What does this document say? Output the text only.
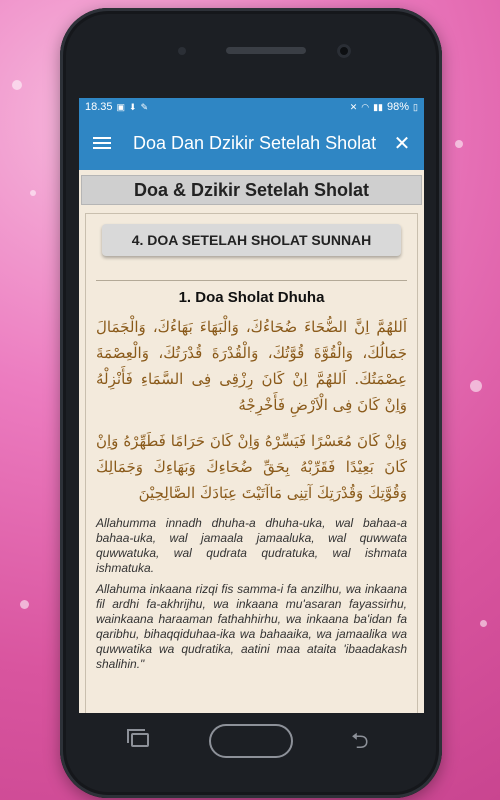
18.35 ▣ ⬇ ✎	✕ ◠ ▮▮ 98% ▯
Doa Dan Dzikir Setelah Sholat ✕
Doa & Dzikir Setelah Sholat
4. DOA SETELAH SHOLAT SUNNAH
1. Doa Sholat Dhuha

اَللهُمَّ اِنَّ الضُّحَاءَ ضُحَاءُكَ، وَالْبَهَاءَ بَهَاءُكَ، وَالْجَمَالَ جَمَالُكَ، وَالْقُوَّةَ قُوَّتُكَ، وَالْقُدْرَةَ قُدْرَتُكَ، وَالْعِصْمَةَ عِصْمَتُكَ. اَللهُمَّ اِنْ كَانَ رِزْقِى فِى السَّمَاءِ فَأَنْزِلْهُ وَاِنْ كَانَ فِى الْاَرْضِ فَأَخْرِجْهُ

وَاِنْ كَانَ مُعَسْرًا فَيَسِّرْهُ وَاِنْ كَانَ حَرَامًا فَطَهِّرْهُ وَاِنْ كَانَ بَعِيْدًا فَقَرِّبْهُ بِحَقِّ ضُحَاءِكَ وَبَهَاءِكَ وَجَمَالِكَ وَقُوَّتِكَ وَقُدْرَتِكَ آتِنِى مَاآتَيْتَ عِبَادَكَ الصَّالِحِيْنَ

Allahumma innadh dhuha-a dhuha-uka, wal bahaa-a bahaa-uka, wal jamaala jamaaluka, wal quwwata quwwatuka, wal qudrata qudratuka, wal ishmata ishmatuka.

Allahuma inkaana rizqi fis samma-i fa anzilhu, wa inkaana fil ardhi fa-akhrijhu, wa inkaana mu'asaran fayassirhu, wainkaana haraaman fathahhirhu, wa inkaana ba'idan fa qaribhu, bihaqqiduhaa-ika wa bahaaika, wa jamaalika wa quwwatika wa qudratika, aatini maa ataita 'ibaadakash shalihin."

⮌
